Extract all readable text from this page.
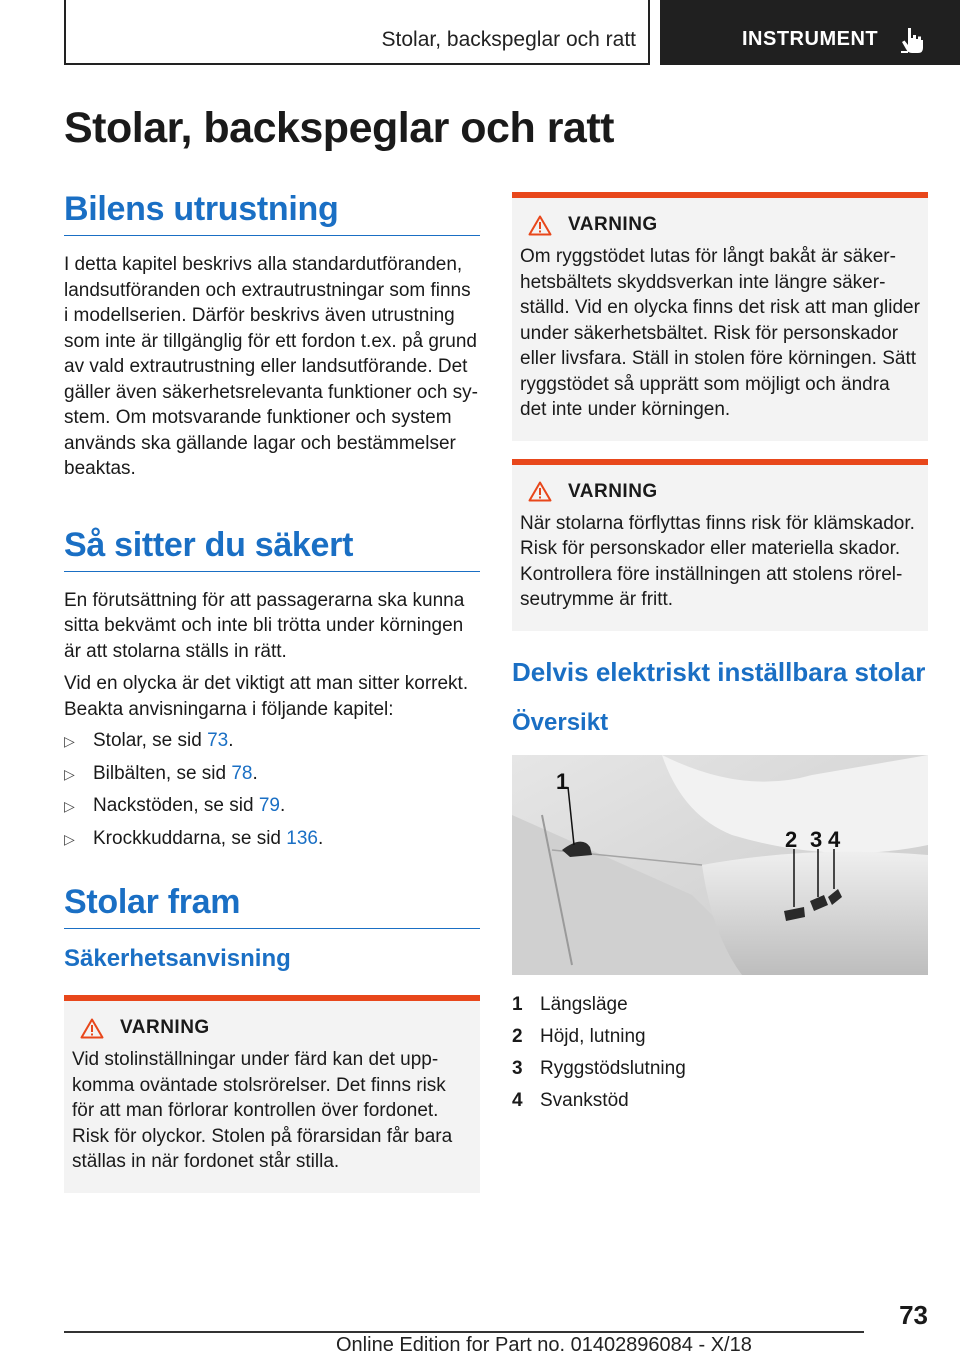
Stolar, backspeglar och ratt	INSTRUMENT
Stolar, backspeglar och ratt
Bilens utrustning

I detta kapitel beskrivs alla standardutföranden, landsutföranden och extrautrustningar som finns i modellserien. Därför beskrivs även utrustning som inte är tillgänglig för ett fordon t.ex. på grund av vald extrautrustning eller landsutförande. Det gäller även säkerhetsrelevanta funktioner och sy- stem. Om motsvarande funktioner och system används ska gällande lagar och bestämmelser beaktas.

Så sitter du säkert

En förutsättning för att passagerarna ska kunna sitta bekvämt och inte bli trötta under körningen är att stolarna ställs in rätt.

Vid en olycka är det viktigt att man sitter korrekt. Beakta anvisningarna i följande kapitel:

▷ Stolar, se sid 73.
▷ Bilbälten, se sid 78.
▷ Nackstöden, se sid 79.
▷ Krockkuddarna, se sid 136.
Stolar fram
Säkerhetsanvisning
VARNING

Vid stolinställningar under färd kan det upp- komma oväntade stolsrörelser. Det finns risk för att man förlorar kontrollen över fordonet. Risk för olyckor. Stolen på förarsidan får bara ställas in när fordonet står stilla.

VARNING

Om ryggstödet lutas för långt bakåt är säker- hetsbältets skyddsverkan inte längre säker- ställd. Vid en olycka finns det risk att man glider under säkerhetsbältet. Risk för personskador eller livsfara. Ställ in stolen före körningen. Sätt ryggstödet så upprätt som möjligt och ändra det inte under körningen.

VARNING

När stolarna förflyttas finns risk för klämskador. Risk för personskador eller materiella skador. Kontrollera före inställningen att stolens rörel- seutrymme är fritt.

Delvis elektriskt inställbara stolar
Översikt
1
2 3 4
1 Längsläge
2 Höjd, lutning
3 Ryggstödslutning
4 Svankstöd
73
Online Edition for Part no. 01402896084 - X/18
